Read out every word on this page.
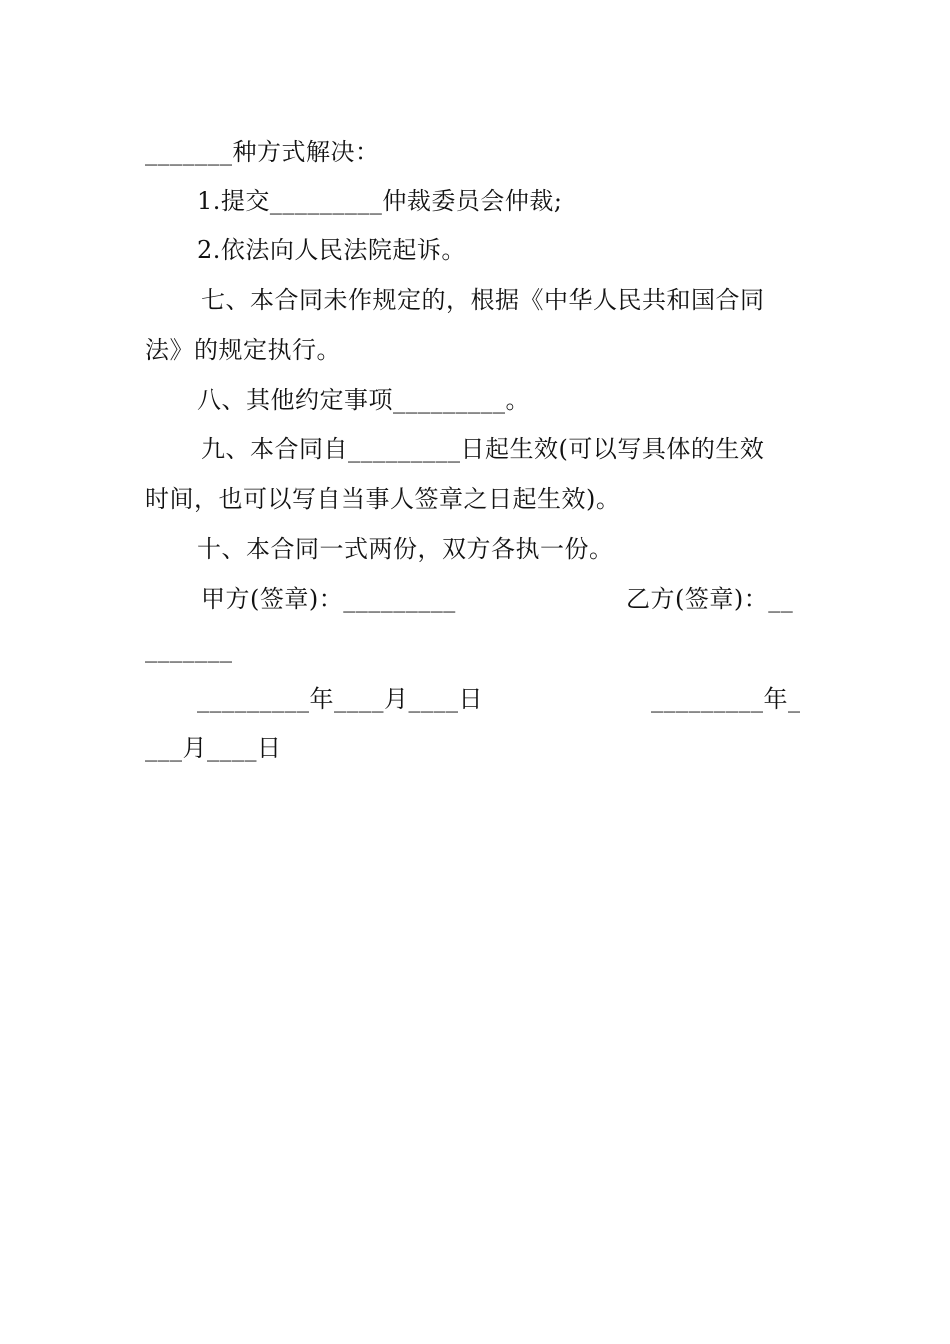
_______种方式解决：
1.提交_________仲裁委员会仲裁;
2.依法向人民法院起诉。
七、本合同未作规定的，根据《中华人民共和国合同
法》的规定执行。
八、其他约定事项_________。
九、本合同自_________日起生效(可以写具体的生效
时间，也可以写自当事人签章之日起生效)。
十、本合同一式两份，双方各执一份。
甲方(签章)：_________	乙方(签章)：__
_______
_________年____月____日	_________年_
___月____日
